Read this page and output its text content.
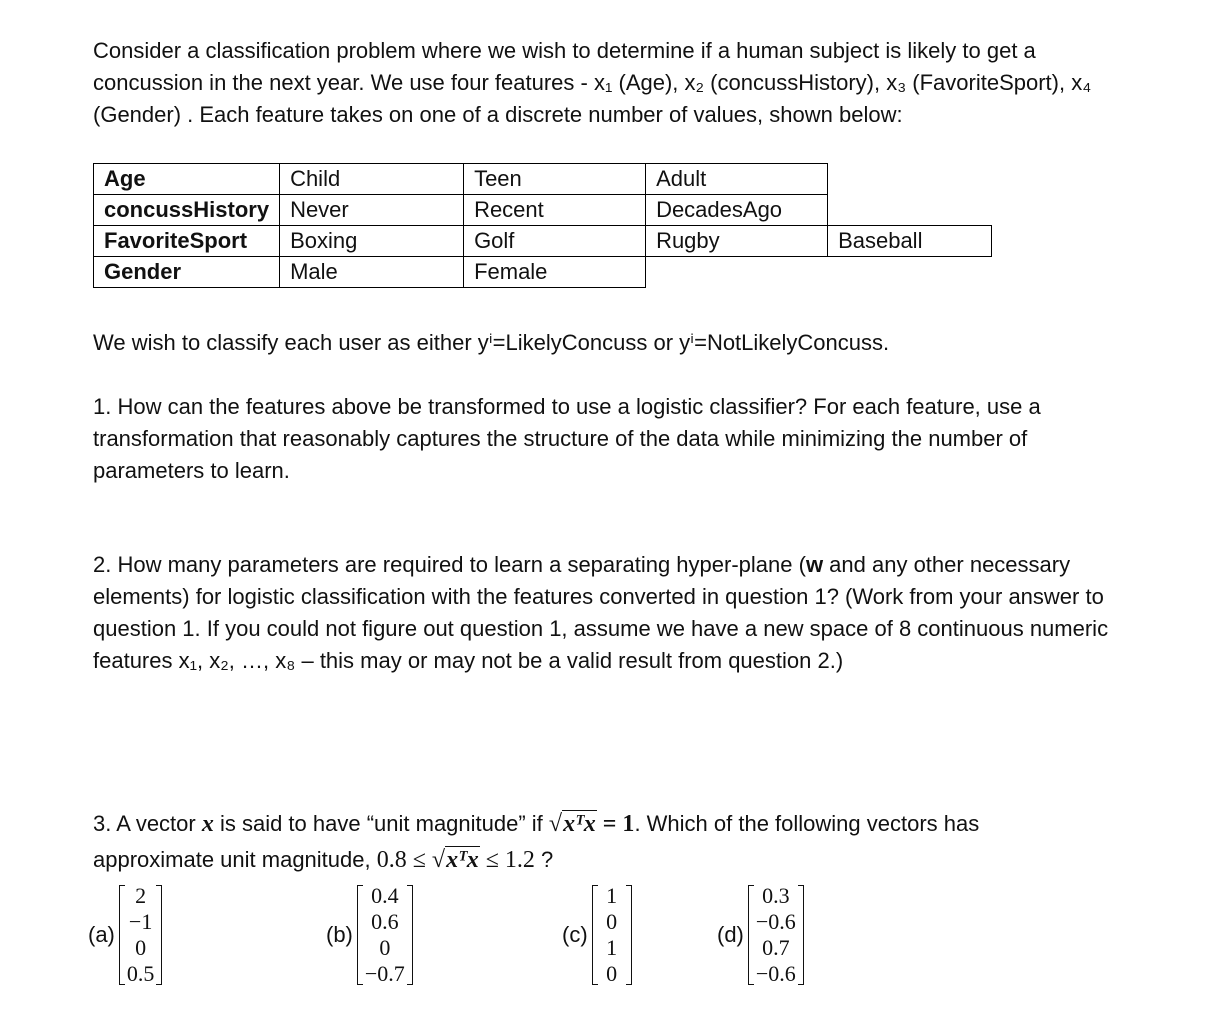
Consider a classification problem where we wish to determine if a human subject is likely to get a concussion in the next year. We use four features - x₁ (Age), x₂ (concussHistory), x₃ (FavoriteSport), x₄ (Gender) . Each feature takes on one of a discrete number of values, shown below:

Age	Child	Teen	Adult	
concussHistory	Never	Recent	DecadesAgo	
FavoriteSport	Boxing	Golf	Rugby	Baseball
Gender	Male	Female		

We wish to classify each user as either yⁱ=LikelyConcuss or yⁱ=NotLikelyConcuss.

1. How can the features above be transformed to use a logistic classifier? For each feature, use a transformation that reasonably captures the structure of the data while minimizing the number of parameters to learn.

2. How many parameters are required to learn a separating hyper-plane (w and any other necessary elements) for logistic classification with the features converted in question 1? (Work from your answer to question 1. If you could not figure out question 1, assume we have a new space of 8 continuous numeric features x₁, x₂, …, x₈ – this may or may not be a valid result from question 2.)

3. A vector x is said to have “unit magnitude” if √xᵀx = 1. Which of the following vectors has

approximate unit magnitude, 0.8 ≤ √xᵀx ≤ 1.2 ?

(a)
2
−1
0
0.5
(b)
0.4
0.6
0
−0.7
(c)
1
0
1
0
(d)
0.3
−0.6
0.7
−0.6
